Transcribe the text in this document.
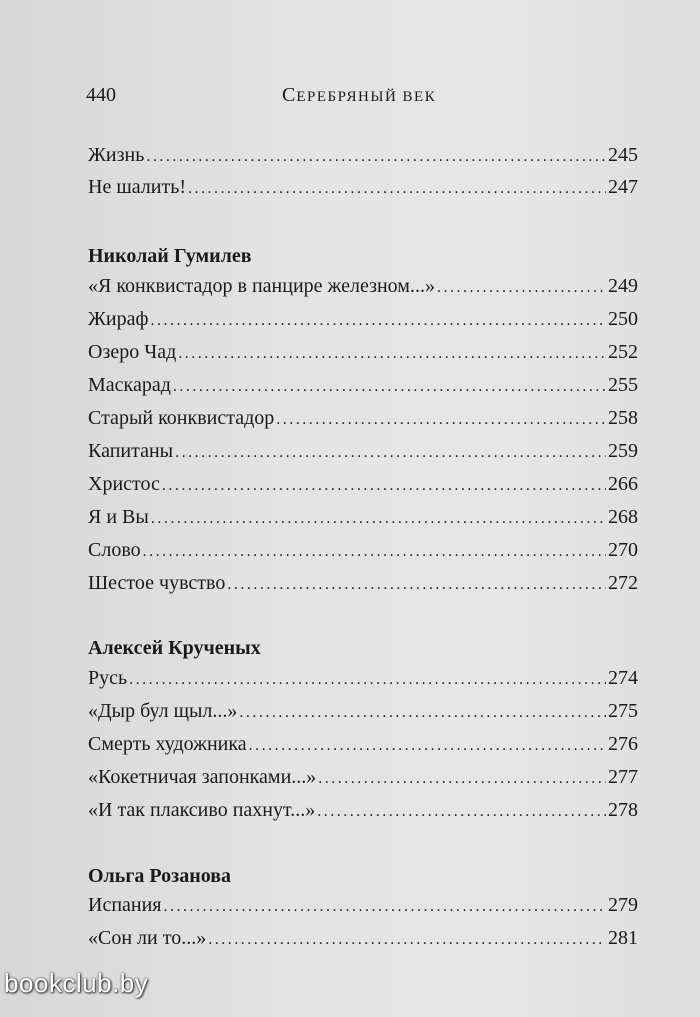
440	СЕРЕБРЯНЫЙ ВЕК
Жизнь .....	245
Не шалить! .....	247
Николай Гумилев
«Я конквистадор в панцире железном...» .....	249
Жираф .....	250
Озеро Чад .....	252
Маскарад .....	255
Старый конквистадор .....	258
Капитаны .....	259
Христос .....	266
Я и Вы .....	268
Слово .....	270
Шестое чувство .....	272
Алексей Крученых
Русь .....	274
«Дыр бул щыл...» .....	275
Смерть художника .....	276
«Кокетничая запонками...» .....	277
«И так плаксиво пахнут...» .....	278
Ольга Розанова
Испания .....	279
«Сон ли то...» .....	281
bookclub.by
